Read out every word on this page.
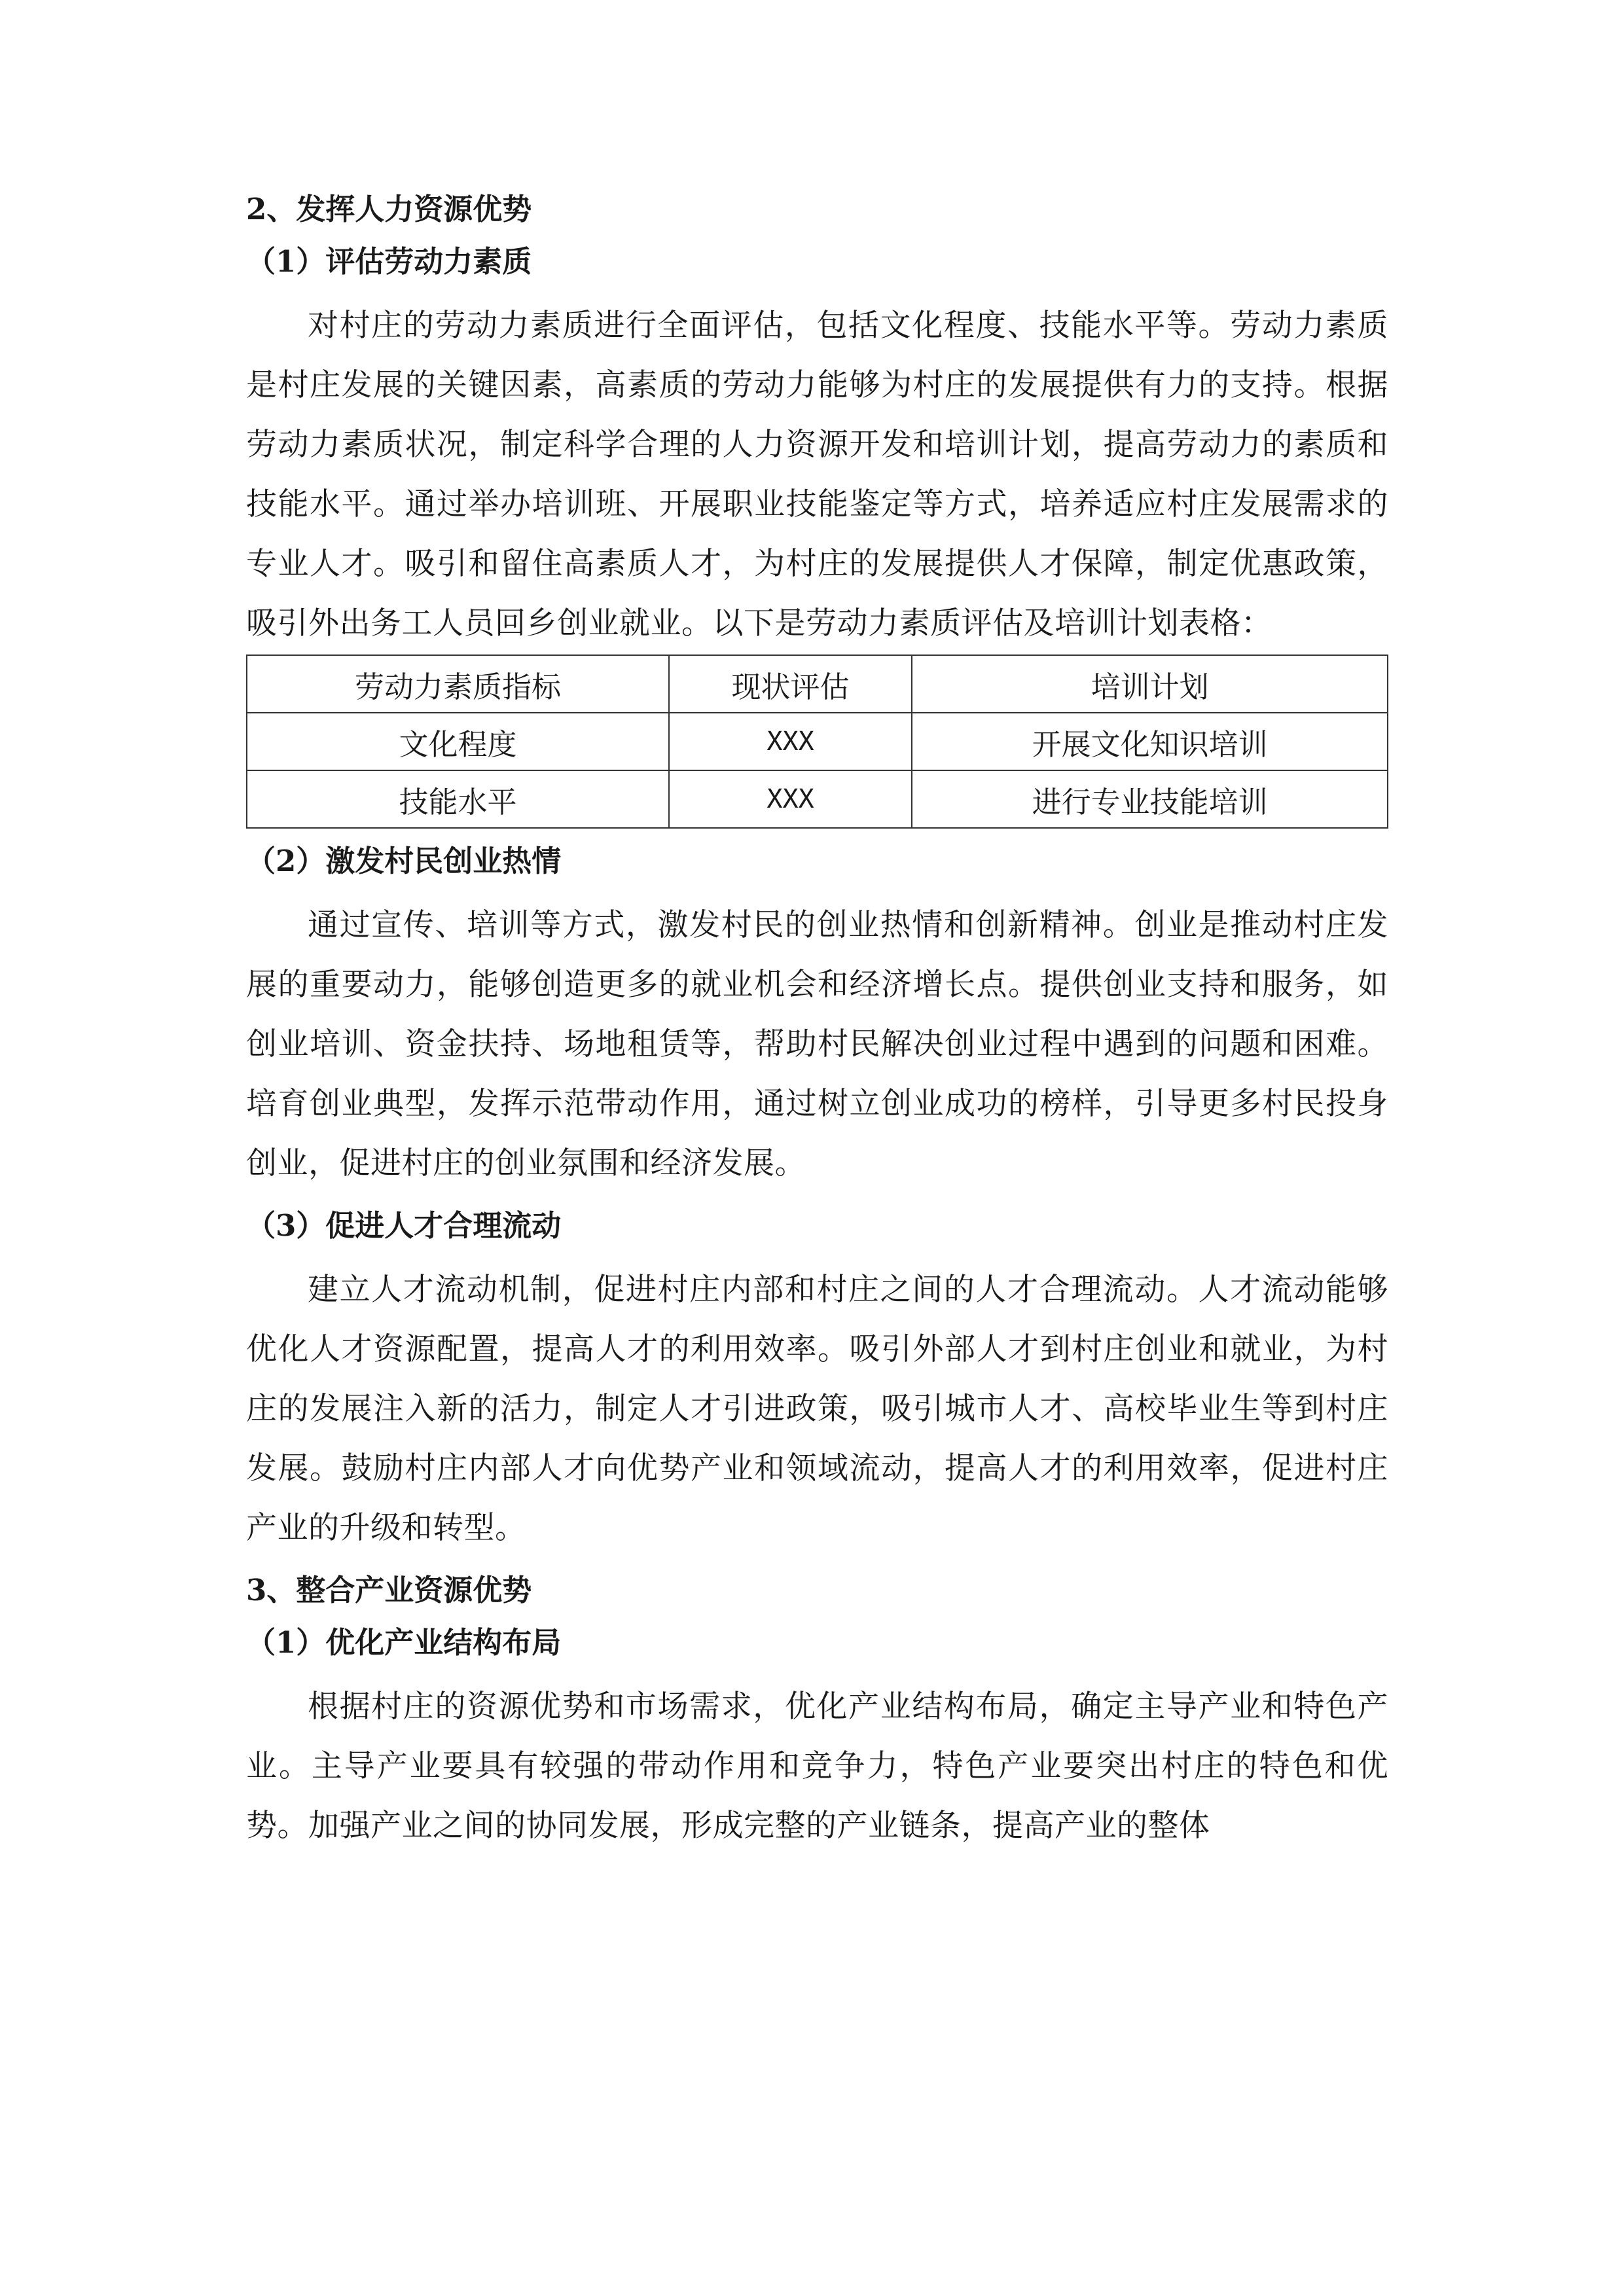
2、发挥人力资源优势
（1）评估劳动力素质

对村庄的劳动力素质进行全面评估，包括文化程度、技能水平等。劳动力素质是村庄发展的关键因素，高素质的劳动力能够为村庄的发展提供有力的支持。根据劳动力素质状况，制定科学合理的人力资源开发和培训计划，提高劳动力的素质和技能水平。通过举办培训班、开展职业技能鉴定等方式，培养适应村庄发展需求的专业人才。吸引和留住高素质人才，为村庄的发展提供人才保障，制定优惠政策，吸引外出务工人员回乡创业就业。以下是劳动力素质评估及培训计划表格：

劳动力素质指标	现状评估	培训计划
文化程度	XXX	开展文化知识培训
技能水平	XXX	进行专业技能培训
（2）激发村民创业热情

通过宣传、培训等方式，激发村民的创业热情和创新精神。创业是推动村庄发展的重要动力，能够创造更多的就业机会和经济增长点。提供创业支持和服务，如创业培训、资金扶持、场地租赁等，帮助村民解决创业过程中遇到的问题和困难。培育创业典型，发挥示范带动作用，通过树立创业成功的榜样，引导更多村民投身创业，促进村庄的创业氛围和经济发展。

（3）促进人才合理流动

建立人才流动机制，促进村庄内部和村庄之间的人才合理流动。人才流动能够优化人才资源配置，提高人才的利用效率。吸引外部人才到村庄创业和就业，为村庄的发展注入新的活力，制定人才引进政策，吸引城市人才、高校毕业生等到村庄发展。鼓励村庄内部人才向优势产业和领域流动，提高人才的利用效率，促进村庄产业的升级和转型。

3、整合产业资源优势
（1）优化产业结构布局

根据村庄的资源优势和市场需求，优化产业结构布局，确定主导产业和特色产业。主导产业要具有较强的带动作用和竞争力，特色产业要突出村庄的特色和优势。加强产业之间的协同发展，形成完整的产业链条，提高产业的整体
